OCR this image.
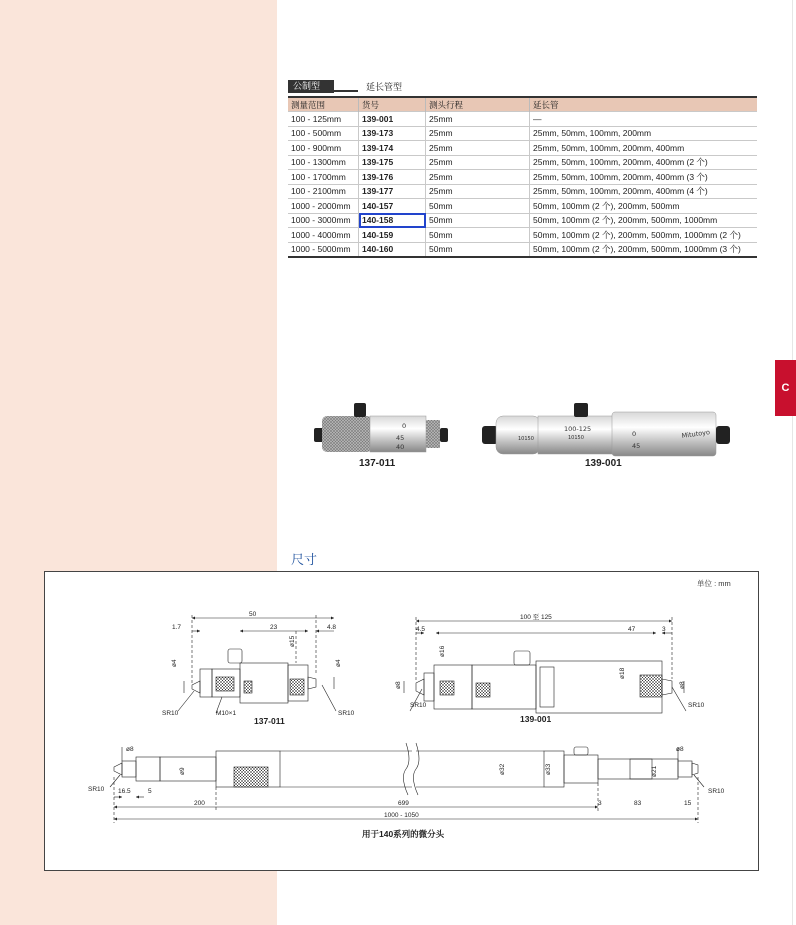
C
公制型	延长管型
测量范围	货号	测头行程	延长管
100 - 125mm	139-001	25mm	—
100 - 500mm	139-173	25mm	25mm, 50mm, 100mm, 200mm
100 - 900mm	139-174	25mm	25mm, 50mm, 100mm, 200mm, 400mm
100 - 1300mm	139-175	25mm	25mm, 50mm, 100mm, 200mm, 400mm (2 个)
100 - 1700mm	139-176	25mm	25mm, 50mm, 100mm, 200mm, 400mm (3 个)
100 - 2100mm	139-177	25mm	25mm, 50mm, 100mm, 200mm, 400mm (4 个)
1000 - 2000mm	140-157	50mm	50mm, 100mm (2 个), 200mm, 500mm
1000 - 3000mm	140-158	50mm	50mm, 100mm (2 个), 200mm, 500mm, 1000mm
1000 - 4000mm	140-159	50mm	50mm, 100mm (2 个), 200mm, 500mm, 1000mm (2 个)
1000 - 5000mm	140-160	50mm	50mm, 100mm (2 个), 200mm, 500mm, 1000mm (3 个)
0
45
40
137-011
100-125
0
45
Mitutoyo
10150	10150
139-001
尺寸
单位 : mm
50
1.7	23	4.8
ø15
ø4	ø4
SR10	M10×1	SR10
137-011
100 至 125
4.5	47	3
ø16
ø18
ø8	ø8
SR10	SR10
139-001
ø8
ø9	ø32	ø33	ø21
ø8
SR10	SR10
16.5	5
200	699	3	83	15
1000 - 1050
用于140系列的微分头
